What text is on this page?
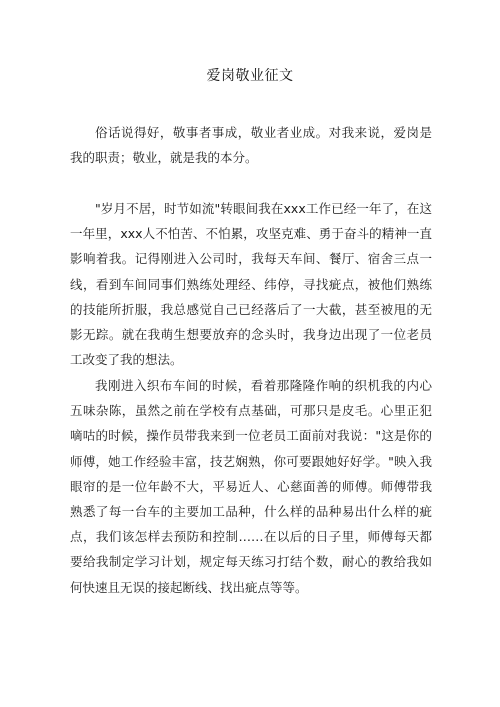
爱岗敬业征文

俗话说得好，敬事者事成，敬业者业成。对我来说，爱岗是我的职责；敬业，就是我的本分。

"岁月不居，时节如流"转眼间我在xxx工作已经一年了，在这一年里，xxx人不怕苦、不怕累，攻坚克难、勇于奋斗的精神一直影响着我。记得刚进入公司时，我每天车间、餐厅、宿舍三点一线，看到车间同事们熟练处理经、纬停，寻找疵点，被他们熟练的技能所折服，我总感觉自己已经落后了一大截，甚至被甩的无影无踪。就在我萌生想要放弃的念头时，我身边出现了一位老员工改变了我的想法。

我刚进入织布车间的时候，看着那隆隆作响的织机我的内心五味杂陈，虽然之前在学校有点基础，可那只是皮毛。心里正犯嘀咕的时候，操作员带我来到一位老员工面前对我说："这是你的师傅，她工作经验丰富，技艺娴熟，你可要跟她好好学。"映入我眼帘的是一位年龄不大，平易近人、心慈面善的师傅。师傅带我熟悉了每一台车的主要加工品种，什么样的品种易出什么样的疵点，我们该怎样去预防和控制……在以后的日子里，师傅每天都要给我制定学习计划，规定每天练习打结个数，耐心的教给我如何快速且无误的接起断线、找出疵点等等。
